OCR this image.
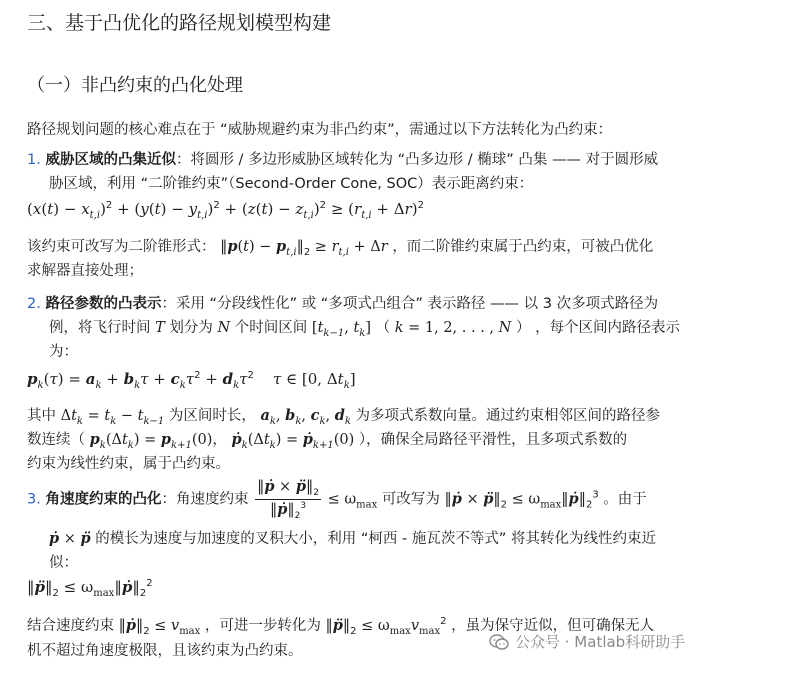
三、基于凸优化的路径规划模型构建
（一）非凸约束的凸化处理
路径规划问题的核心难点在于 “威胁规避约束为非凸约束”，需通过以下方法转化为凸约束：
1. 威胁区域的凸集近似：将圆形 / 多边形威胁区域转化为 “凸多边形 / 椭球” 凸集 —— 对于圆形威
胁区域，利用 “二阶锥约束”（Second-Order Cone, SOC）表示距离约束：
$(x(t) - x_{t,i})^2 + (y(t) - y_{t,i})^2 + (z(t) - z_{t,i})^2 \ge (r_{t,i} + \Delta r)^2$
该约束可改写为二阶锥形式： ‖p(t) − $p_{t,i}‖_2 \ge r_{t,i} + \Delta r$ ，而二阶锥约束属于凸约束，可被凸优化
求解器直接处理；
2. 路径参数的凸表示：采用 “分段线性化” 或 “多项式凸组合” 表示路径 —— 以 3 次多项式路径为
例，将飞行时间 T 划分为 N 个时间区间 [$t_{k-1}$, $t_k$] （ k = 1, 2, . . . , N ） ，每个区间内路径表示
为：
$p_k(\tau) = a_k + b_k\tau + c_k\tau^2 + d_k\tau^2$ τ ∈ [0, $\Delta t_k$]
其中 $\Delta t_k = t_k - t_{k-1}$ 为区间时长， $a_k$, $b_k$, $c_k$, $d_k$ 为多项式系数向量。通过约束相邻区间的路径参
数连续（ $p_k(\Delta t_k) = p_{k+1}(0)$， $ṗ_k(\Delta t_k)$ = ṗ$_{k+1}$(0) ），确保全局路径平滑性，且多项式系数的
约束为线性约束，属于凸约束。
3. 角速度约束的凸化：角速度约束 $\frac{‖ṗ \times p̈‖_2}{‖ṗ‖_2^3} \le \omega_{max}$ 可改写为 ‖ṗ × $p̈‖_2$ ≤ $\omega_{max}‖ṗ‖_2^3$ 。由于
ṗ × p̈ 的模长为速度与加速度的叉积大小，利用 “柯西 - 施瓦茨不等式” 将其转化为线性约束近
似：
$‖p̈‖_2$ ≤ $\omega_{max}‖ṗ‖_2^2$
结合速度约束 $‖ṗ‖_2 \le v_{max}$ ，可进一步转化为 $‖p̈‖_2 \le \omega_{max}v_{max}^2$ ，虽为保守近似，但可确保无人
机不超过角速度极限，且该约束为凸约束。	公众号 · Matlab科研助手
